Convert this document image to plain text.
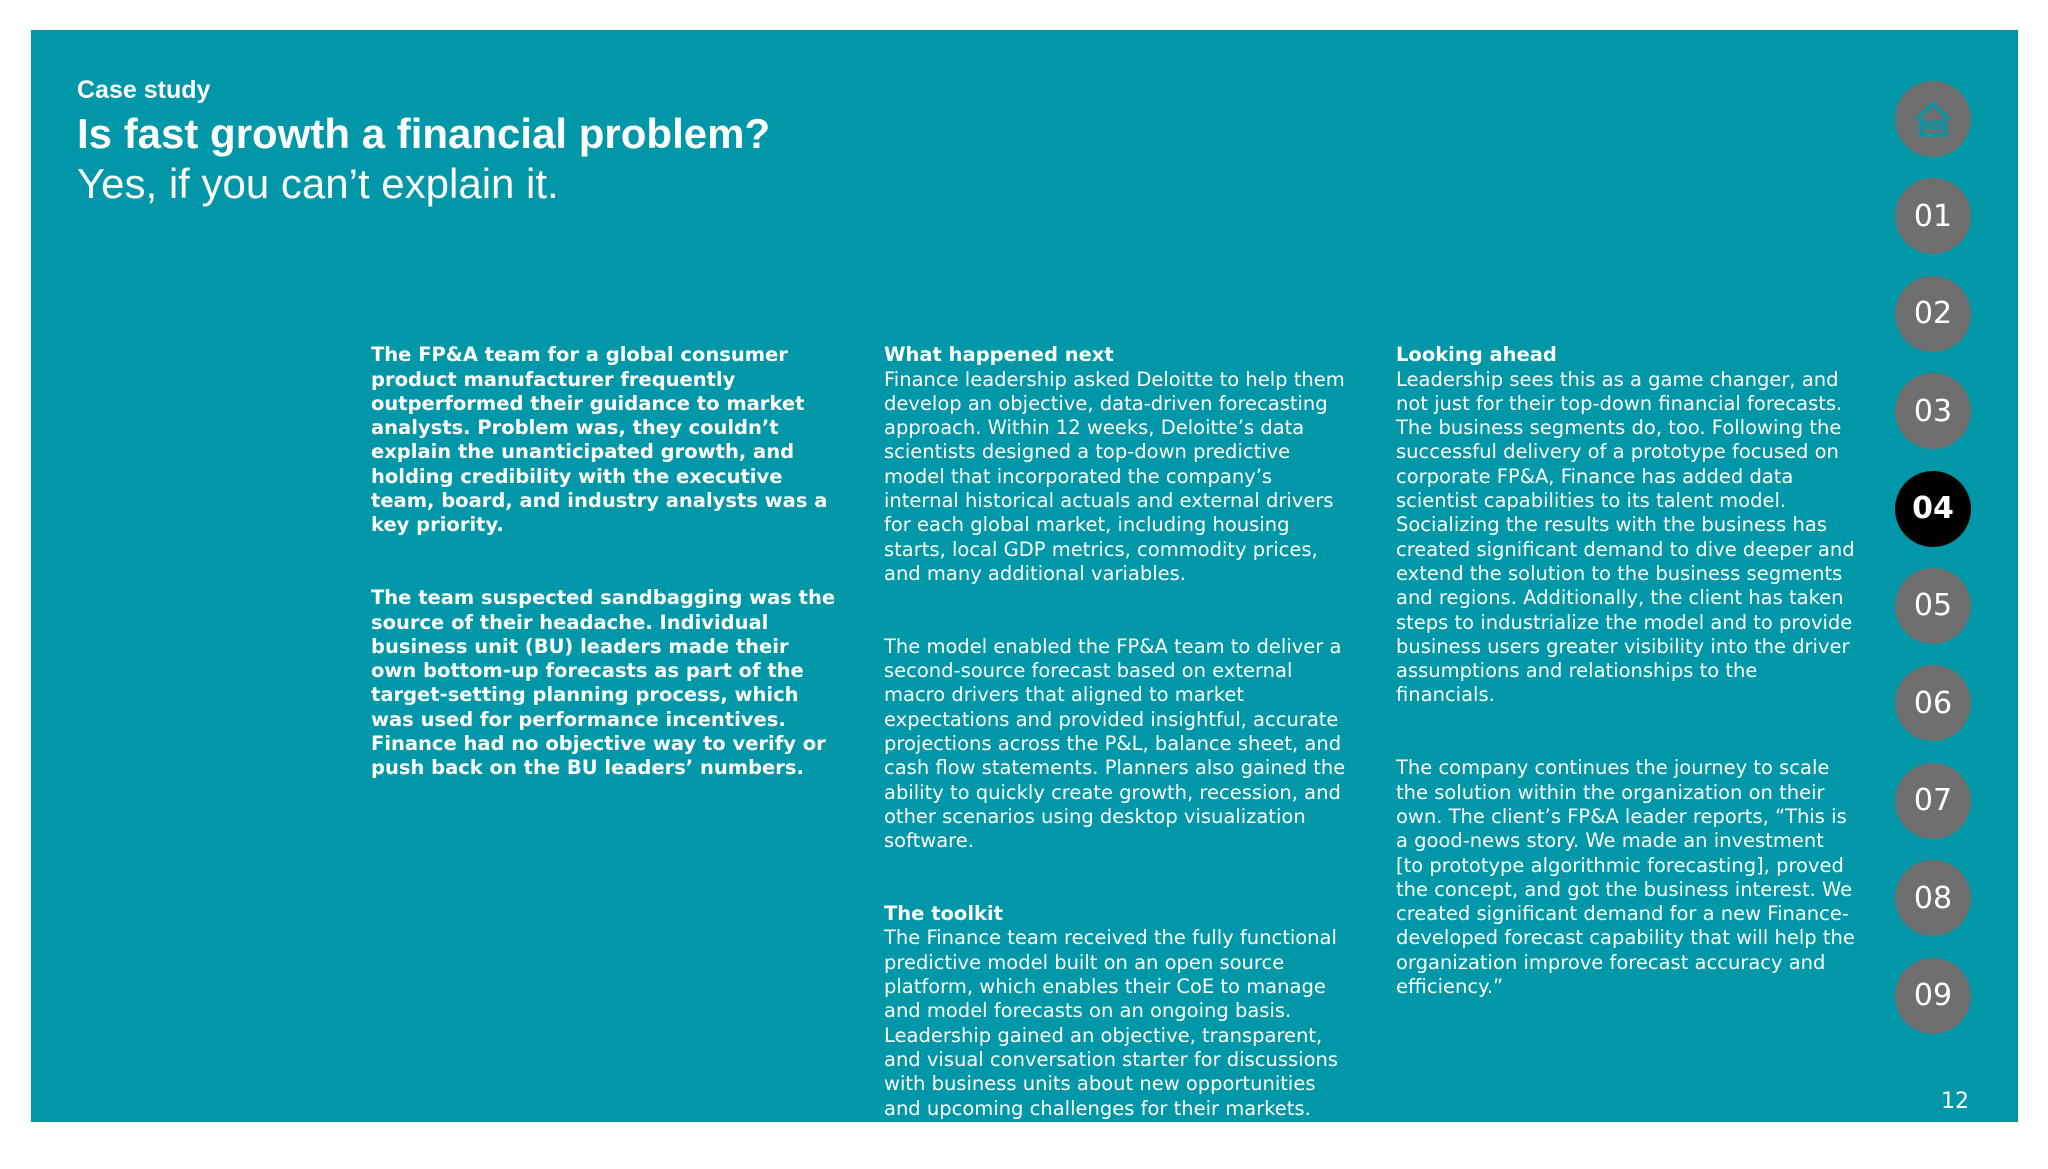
Case study
Is fast growth a financial problem?
Yes, if you can’t explain it.

The FP&A team for a global consumer
product manufacturer frequently
outperformed their guidance to market
analysts. Problem was, they couldn’t
explain the unanticipated growth, and
holding credibility with the executive
team, board, and industry analysts was a
key priority.

The team suspected sandbagging was the
source of their headache. Individual
business unit (BU) leaders made their
own bottom-up forecasts as part of the
target-setting planning process, which
was used for performance incentives.
Finance had no objective way to verify or
push back on the BU leaders’ numbers.

What happened next
Finance leadership asked Deloitte to help them
develop an objective, data-driven forecasting
approach. Within 12 weeks, Deloitte’s data
scientists designed a top-down predictive
model that incorporated the company’s
internal historical actuals and external drivers
for each global market, including housing
starts, local GDP metrics, commodity prices,
and many additional variables.

The model enabled the FP&A team to deliver a
second-source forecast based on external
macro drivers that aligned to market
expectations and provided insightful, accurate
projections across the P&L, balance sheet, and
cash flow statements. Planners also gained the
ability to quickly create growth, recession, and
other scenarios using desktop visualization
software.

The toolkit
The Finance team received the fully functional
predictive model built on an open source
platform, which enables their CoE to manage
and model forecasts on an ongoing basis.
Leadership gained an objective, transparent,
and visual conversation starter for discussions
with business units about new opportunities
and upcoming challenges for their markets.

Looking ahead
Leadership sees this as a game changer, and
not just for their top-down financial forecasts.
The business segments do, too. Following the
successful delivery of a prototype focused on
corporate FP&A, Finance has added data
scientist capabilities to its talent model.
Socializing the results with the business has
created significant demand to dive deeper and
extend the solution to the business segments
and regions. Additionally, the client has taken
steps to industrialize the model and to provide
business users greater visibility into the driver
assumptions and relationships to the
financials.

The company continues the journey to scale
the solution within the organization on their
own. The client’s FP&A leader reports, “This is
a good-news story. We made an investment
[to prototype algorithmic forecasting], proved
the concept, and got the business interest. We
created significant demand for a new Finance-
developed forecast capability that will help the
organization improve forecast accuracy and
efficiency.”

01
02
03
04
05
06
07
08
09
12
